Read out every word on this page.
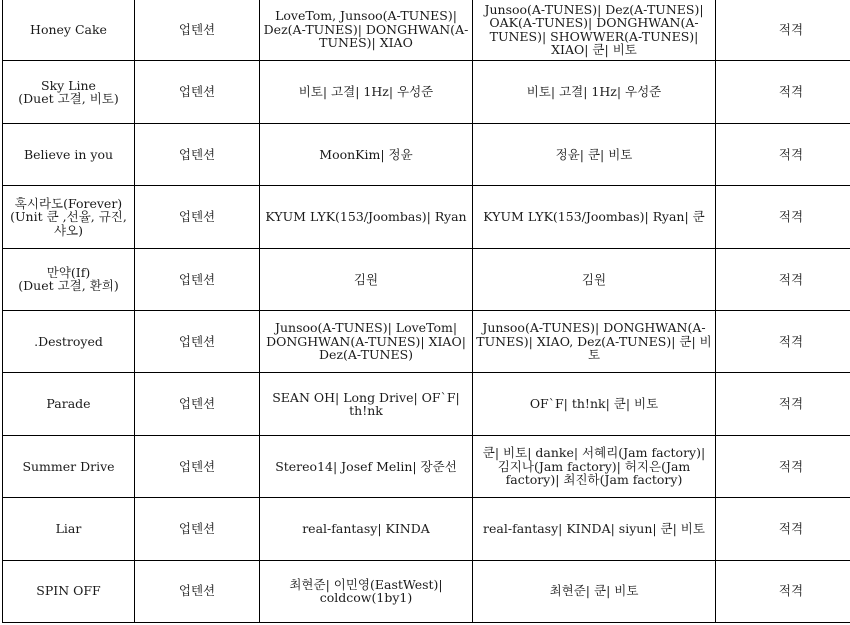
Honey Cake	업텐션	LoveTom, Junsoo(A-TUNES)| Dez(A-TUNES)| DONGHWAN(A-TUNES)| XIAO	Junsoo(A-TUNES)| Dez(A-TUNES)| OAK(A-TUNES)| DONGHWAN(A-TUNES)| SHOWWER(A-TUNES)| XIAO| 쿤| 비토	적격
Sky Line
(Duet 고결, 비토)	업텐션	비토| 고결| 1Hz| 우성준	비토| 고결| 1Hz| 우성준	적격
Believe in you	업텐션	MoonKim| 정윤	정윤| 쿤| 비토	적격
혹시라도(Forever)
(Unit 쿤 ,선율, 규진,
샤오)	업텐션	KYUM LYK(153/Joombas)| Ryan	KYUM LYK(153/Joombas)| Ryan| 쿤	적격
만약(If)
(Duet 고결, 환희)	업텐션	김원	김원	적격
.Destroyed	업텐션	Junsoo(A-TUNES)| LoveTom| DONGHWAN(A-TUNES)| XIAO| Dez(A-TUNES)	Junsoo(A-TUNES)| DONGHWAN(A-TUNES)| XIAO, Dez(A-TUNES)| 쿤| 비토	적격
Parade	업텐션	SEAN OH| Long Drive| OF`F| th!nk	OF`F| th!nk| 쿤| 비토	적격
Summer Drive	업텐션	Stereo14| Josef Melin| 장준선	쿤| 비토| danke| 서혜리(Jam factory)|
김지나(Jam factory)| 허지은(Jam
factory)| 최진하(Jam factory)	적격
Liar	업텐션	real-fantasy| KINDA	real-fantasy| KINDA| siyun| 쿤| 비토	적격
SPIN OFF	업텐션	최현준| 이민영(EastWest)| coldcow(1by1)	최현준| 쿤| 비토	적격
